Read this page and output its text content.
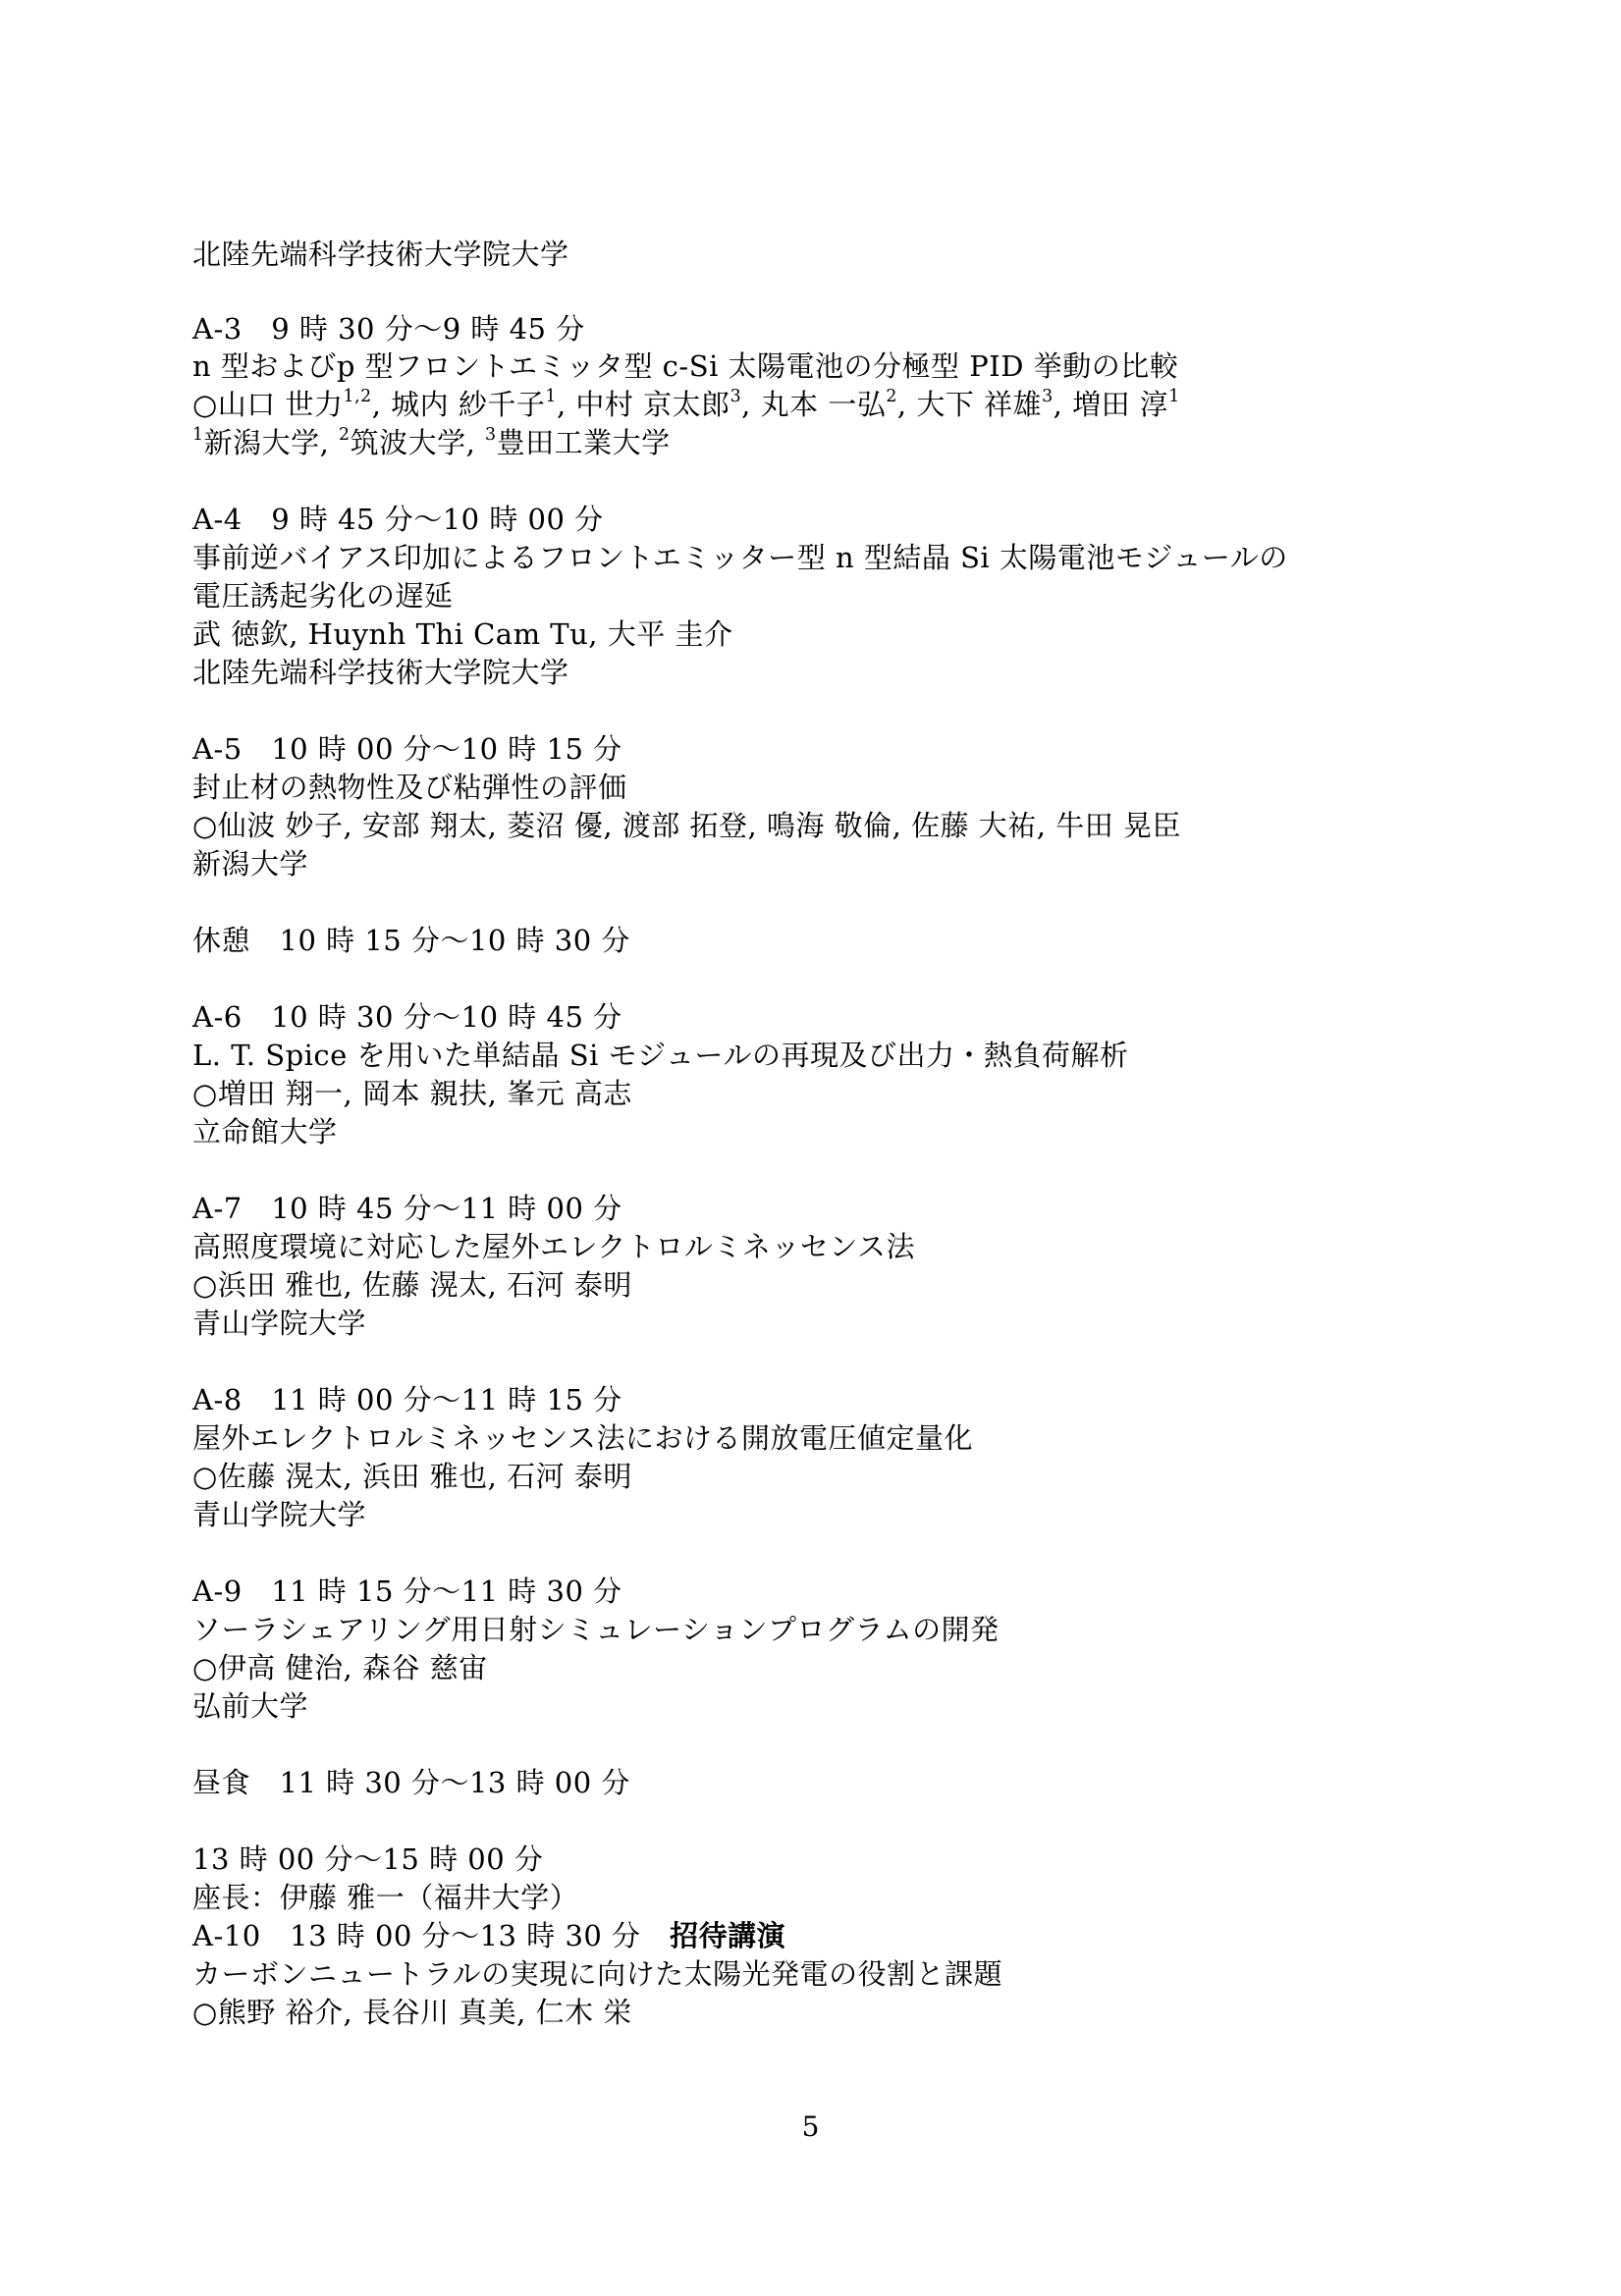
北陸先端科学技術大学院大学
A-3　9 時 30 分～9 時 45 分
n 型およびp 型フロントエミッタ型 c-Si 太陽電池の分極型 PID 挙動の比較
○山口 世力$^{1,2}$, 城内 紗千子$^1$, 中村 京太郎$^3$, 丸本 一弘$^2$, 大下 祥雄$^3$, 増田 淳$^1$
$^1$新潟大学, $^2$筑波大学, $^3$豊田工業大学
A-4　9 時 45 分～10 時 00 分
事前逆バイアス印加によるフロントエミッター型 n 型結晶 Si 太陽電池モジュールの
電圧誘起劣化の遅延
武 徳欽, Huynh Thi Cam Tu, 大平 圭介
北陸先端科学技術大学院大学
A-5　10 時 00 分～10 時 15 分
封止材の熱物性及び粘弾性の評価
○仙波 妙子, 安部 翔太, 菱沼 優, 渡部 拓登, 鳴海 敬倫, 佐藤 大祐, 牛田 晃臣
新潟大学
休憩　10 時 15 分～10 時 30 分
A-6　10 時 30 分～10 時 45 分
L. T. Spice を用いた単結晶 Si モジュールの再現及び出力・熱負荷解析
○増田 翔一, 岡本 親扶, 峯元 高志
立命館大学
A-7　10 時 45 分～11 時 00 分
高照度環境に対応した屋外エレクトロルミネッセンス法
○浜田 雅也, 佐藤 滉太, 石河 泰明
青山学院大学
A-8　11 時 00 分～11 時 15 分
屋外エレクトロルミネッセンス法における開放電圧値定量化
○佐藤 滉太, 浜田 雅也, 石河 泰明
青山学院大学
A-9　11 時 15 分～11 時 30 分
ソーラシェアリング用日射シミュレーションプログラムの開発
○伊高 健治, 森谷 慈宙
弘前大学
昼食　11 時 30 分～13 時 00 分
13 時 00 分～15 時 00 分
座長：伊藤 雅一（福井大学）
A-10　13 時 00 分～13 時 30 分　招待講演
カーボンニュートラルの実現に向けた太陽光発電の役割と課題
○熊野 裕介, 長谷川 真美, 仁木 栄
5
